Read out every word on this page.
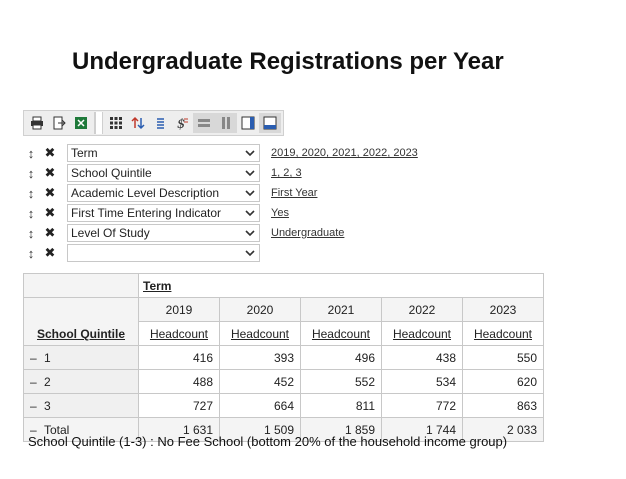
Undergraduate Registrations per Year
$
↕ ✖	Term	2019, 2020, 2021, 2022, 2023
↕ ✖	School Quintile	1, 2, 3
↕ ✖	Academic Level Description	First Year
↕ ✖	First Time Entering Indicator	Yes
↕ ✖	Level Of Study	Undergraduate
↕ ✖
	Term				
School Quintile	2019	2020	2021	2022	2023
	Headcount	Headcount	Headcount	Headcount	Headcount
– 1	416	393	496	438	550
– 2	488	452	552	534	620
– 3	727	664	811	772	863
– Total	1 631	1 509	1 859	1 744	2 033
School Quintile (1-3) : No Fee School (bottom 20% of the household income group)
